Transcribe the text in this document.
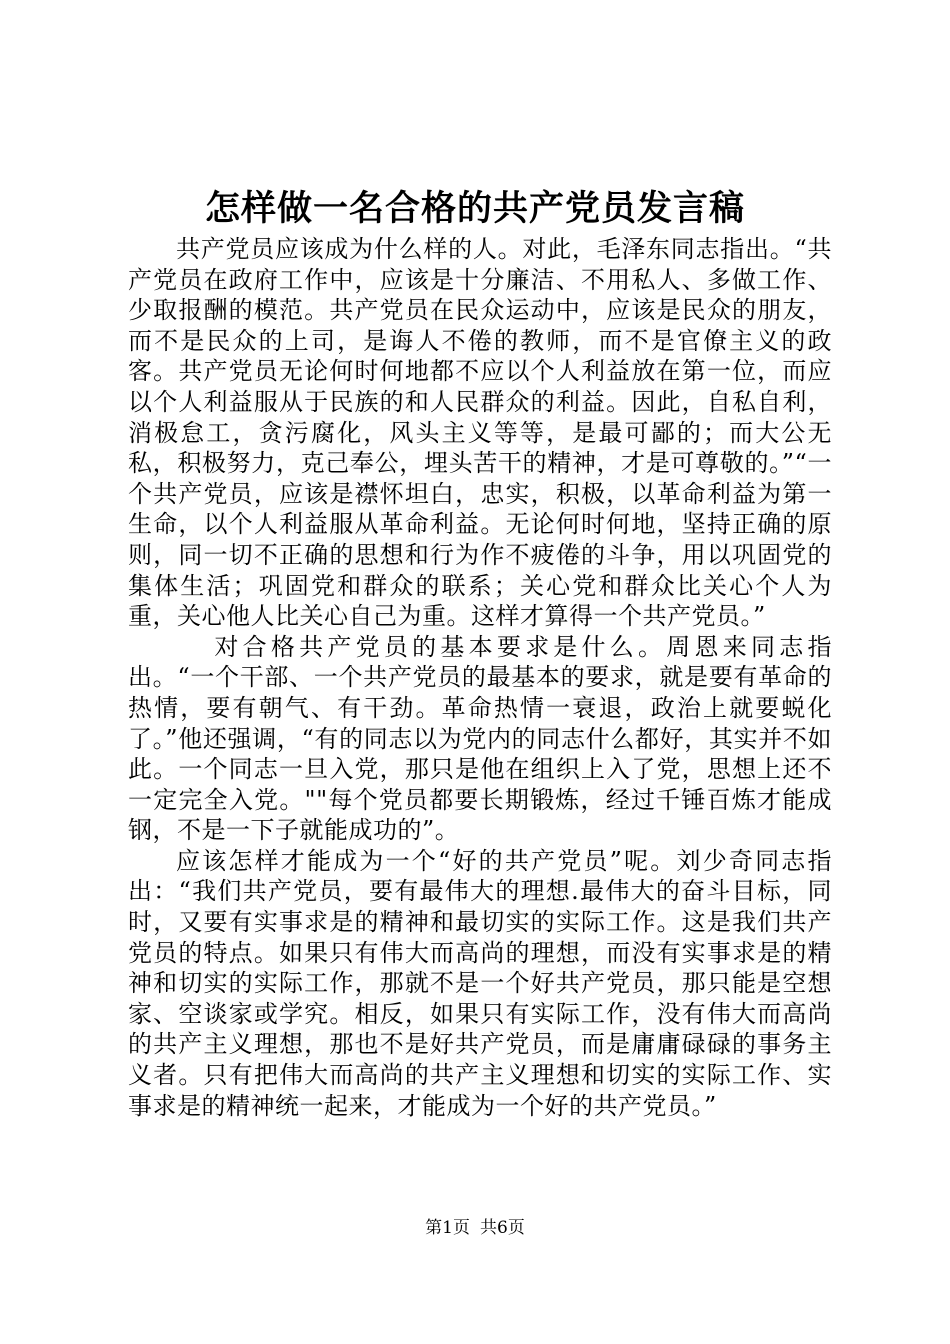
怎样做一名合格的共产党员发言稿

共产党员应该成为什么样的人。对此，毛泽东同志指出。“共产党员在政府工作中，应该是十分廉洁、不用私人、多做工作、少取报酬的模范。共产党员在民众运动中，应该是民众的朋友，而不是民众的上司，是诲人不倦的教师，而不是官僚主义的政客。共产党员无论何时何地都不应以个人利益放在第一位，而应以个人利益服从于民族的和人民群众的利益。因此，自私自利，消极怠工，贪污腐化，风头主义等等，是最可鄙的；而大公无私，积极努力，克己奉公，埋头苦干的精神，才是可尊敬的。”“一个共产党员，应该是襟怀坦白，忠实，积极，以革命利益为第一生命，以个人利益服从革命利益。无论何时何地，坚持正确的原则，同一切不正确的思想和行为作不疲倦的斗争，用以巩固党的集体生活；巩固党和群众的联系；关心党和群众比关心个人为重，关心他人比关心自己为重。这样才算得一个共产党员。”

对合格共产党员的基本要求是什么。周恩来同志指出。“一个干部、一个共产党员的最基本的要求，就是要有革命的热情，要有朝气、有干劲。革命热情一衰退，政治上就要蜕化了。”他还强调，“有的同志以为党内的同志什么都好，其实并不如此。一个同志一旦入党，那只是他在组织上入了党，思想上还不一定完全入党。""每个党员都要长期锻炼，经过千锤百炼才能成钢，不是一下子就能成功的”。

应该怎样才能成为一个“好的共产党员”呢。刘少奇同志指出：“我们共产党员，要有最伟大的理想.最伟大的奋斗目标，同时，又要有实事求是的精神和最切实的实际工作。这是我们共产党员的特点。如果只有伟大而高尚的理想，而没有实事求是的精神和切实的实际工作，那就不是一个好共产党员，那只能是空想家、空谈家或学究。相反，如果只有实际工作，没有伟大而高尚的共产主义理想，那也不是好共产党员，而是庸庸碌碌的事务主义者。只有把伟大而高尚的共产主义理想和切实的实际工作、实事求是的精神统一起来，才能成为一个好的共产党员。”

第1页 共6页
